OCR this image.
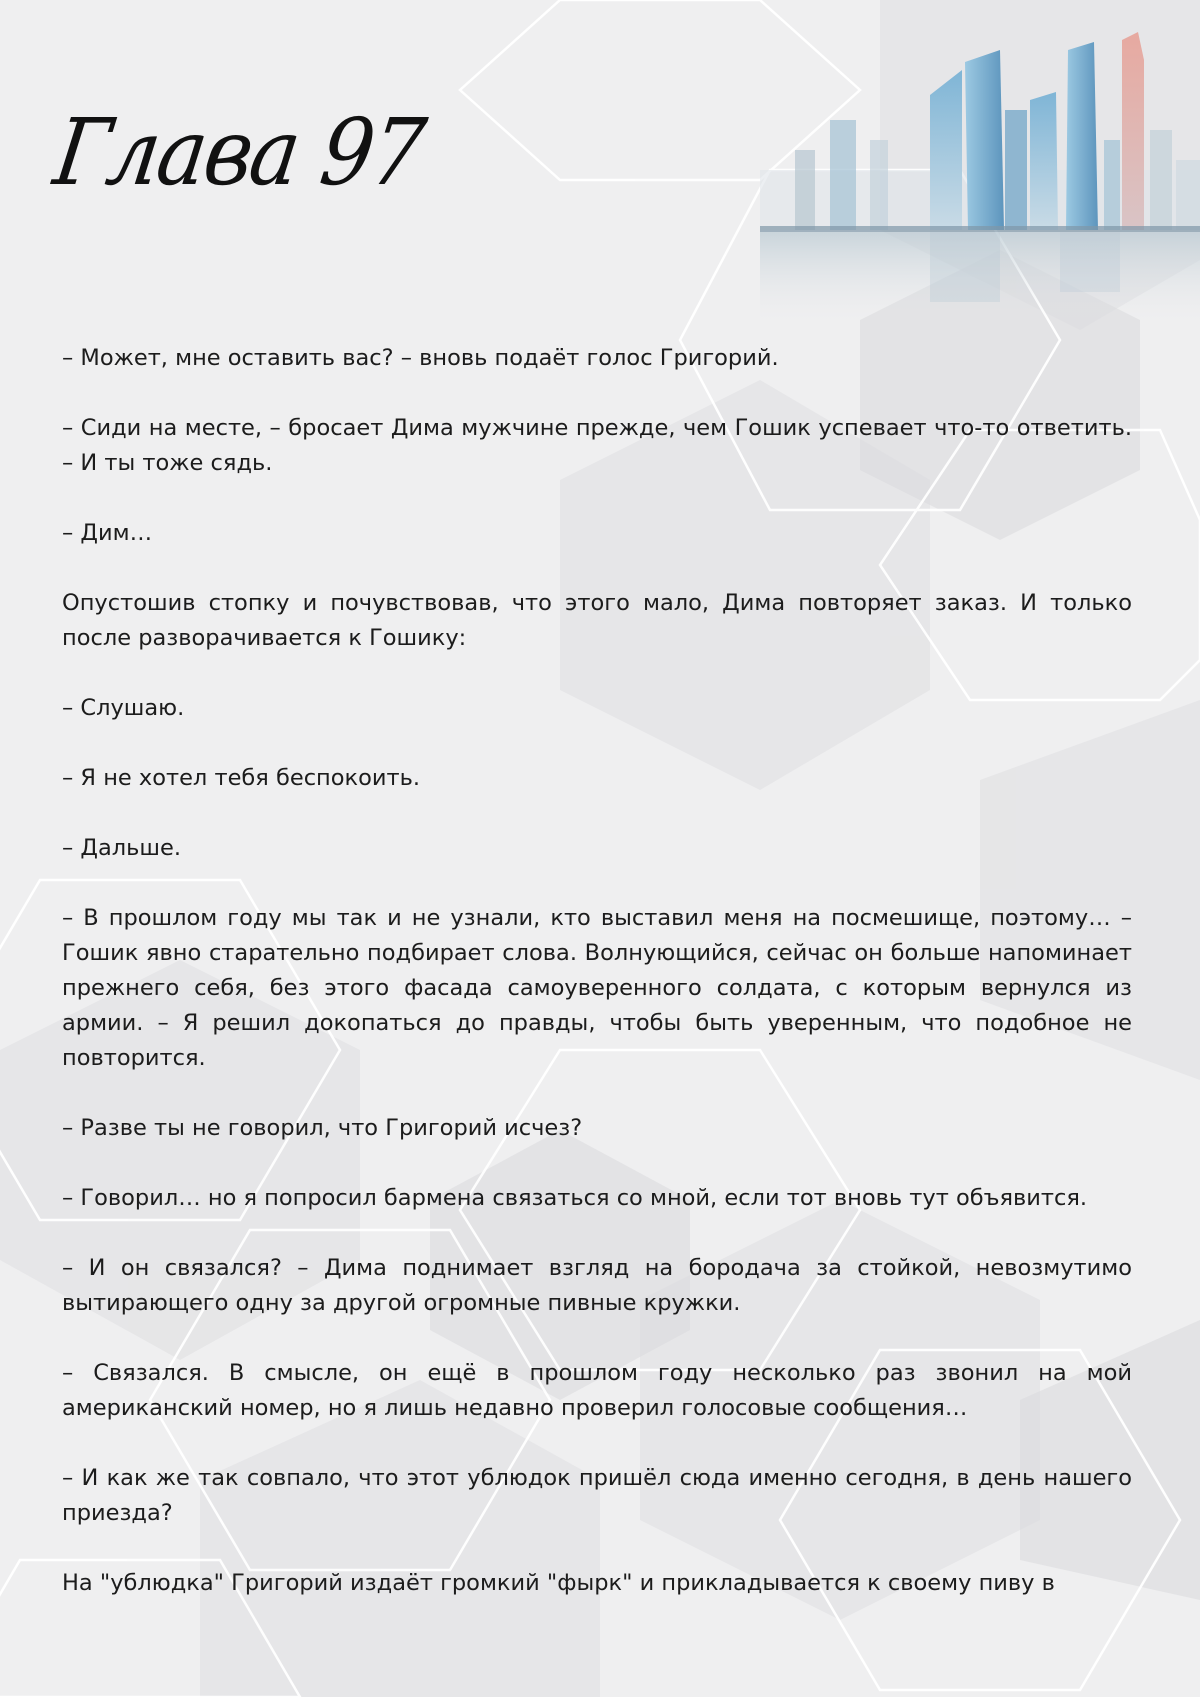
Глава 97

– Может, мне оставить вас? – вновь подаёт голос Григорий.

– Сиди на месте, – бросает Дима мужчине прежде, чем Гошик успевает что-то ответить. – И ты тоже сядь.

– Дим…

Опустошив стопку и почувствовав, что этого мало, Дима повторяет заказ. И только после разворачивается к Гошику:

– Слушаю.

– Я не хотел тебя беспокоить.

– Дальше.

– В прошлом году мы так и не узнали, кто выставил меня на посмешище, поэтому… – Гошик явно старательно подбирает слова. Волнующийся, сейчас он больше напоминает прежнего себя, без этого фасада самоуверенного солдата, с которым вернулся из армии. – Я решил докопаться до правды, чтобы быть уверенным, что подобное не повторится.

– Разве ты не говорил, что Григорий исчез?

– Говорил… но я попросил бармена связаться со мной, если тот вновь тут объявится.

– И он связался? – Дима поднимает взгляд на бородача за стойкой, невозмутимо вытирающего одну за другой огромные пивные кружки.

– Связался. В смысле, он ещё в прошлом году несколько раз звонил на мой американский номер, но я лишь недавно проверил голосовые сообщения…

– И как же так совпало, что этот ублюдок пришёл сюда именно сегодня, в день нашего приезда?

На "ублюдка" Григорий издаёт громкий "фырк" и прикладывается к своему пиву в
